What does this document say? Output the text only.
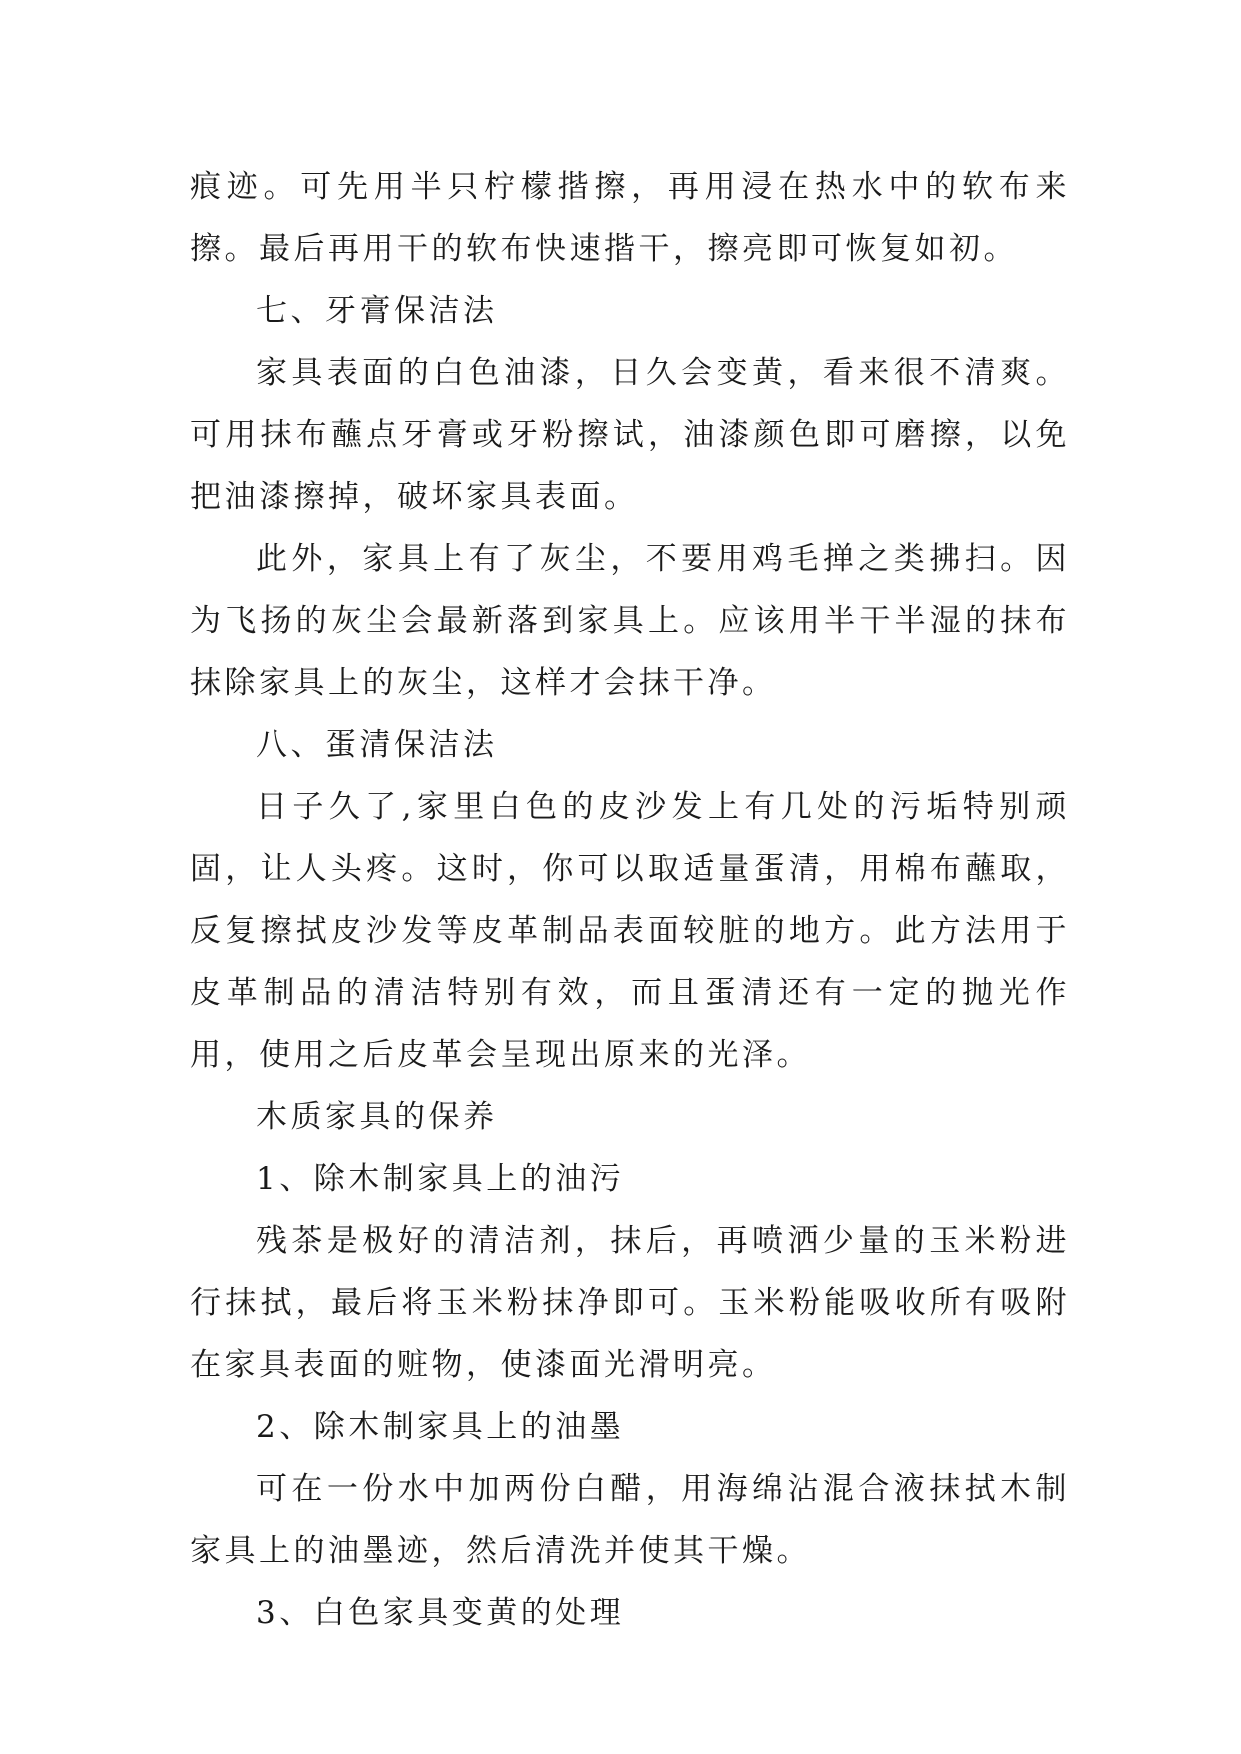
痕迹。可先用半只柠檬揩擦，再用浸在热水中的软布来擦。最后再用干的软布快速揩干，擦亮即可恢复如初。

七、牙膏保洁法

家具表面的白色油漆，日久会变黄，看来很不清爽。可用抹布蘸点牙膏或牙粉擦试，油漆颜色即可磨擦，以免把油漆擦掉，破坏家具表面。

此外，家具上有了灰尘，不要用鸡毛掸之类拂扫。因为飞扬的灰尘会最新落到家具上。应该用半干半湿的抹布抹除家具上的灰尘，这样才会抹干净。

八、蛋清保洁法

日子久了,家里白色的皮沙发上有几处的污垢特别顽固，让人头疼。这时，你可以取适量蛋清，用棉布蘸取，反复擦拭皮沙发等皮革制品表面较脏的地方。此方法用于皮革制品的清洁特别有效，而且蛋清还有一定的抛光作用，使用之后皮革会呈现出原来的光泽。

木质家具的保养

1、除木制家具上的油污

残茶是极好的清洁剂，抹后，再喷洒少量的玉米粉进行抹拭，最后将玉米粉抹净即可。玉米粉能吸收所有吸附在家具表面的赃物，使漆面光滑明亮。

2、除木制家具上的油墨

可在一份水中加两份白醋，用海绵沾混合液抹拭木制家具上的油墨迹，然后清洗并使其干燥。

3、白色家具变黄的处理
